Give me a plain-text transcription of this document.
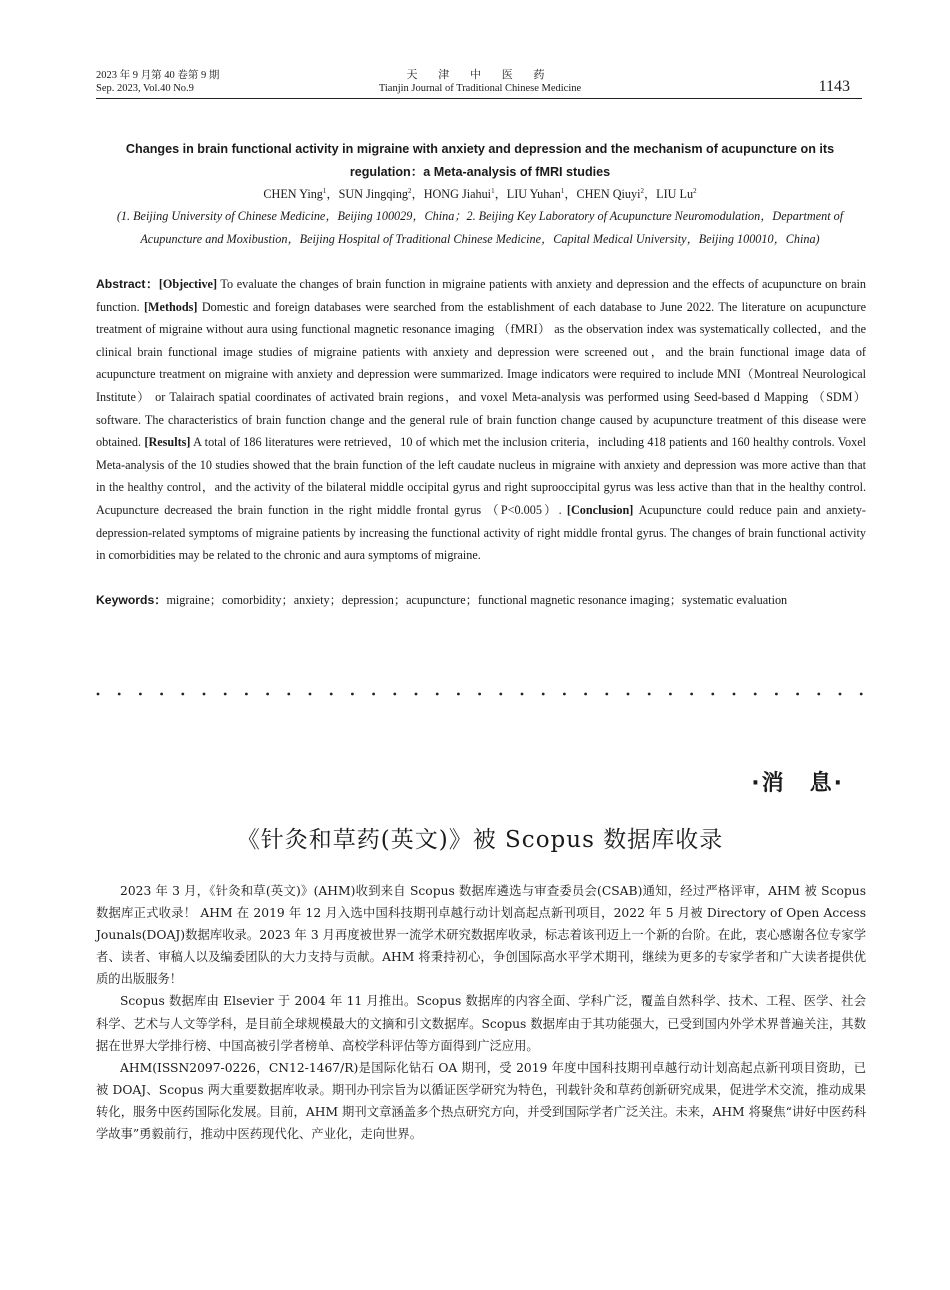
2023 年 9 月第 40 卷第 9 期
Sep. 2023, Vol.40 No.9
天 津 中 医 药
Tianjin Journal of Traditional Chinese Medicine	1143
Changes in brain functional activity in migraine with anxiety and depression and the mechanism of acupuncture on its regulation：a Meta-analysis of fMRI studies
CHEN Ying$^1$，SUN Jingqing$^2$，HONG Jiahui$^1$，LIU Yuhan$^1$，CHEN Qiuyi$^2$，LIU Lu$^2$
(1. Beijing University of Chinese Medicine，Beijing 100029，China；2. Beijing Key Laboratory of Acupuncture Neuromodulation，Department of Acupuncture and Moxibustion，Beijing Hospital of Traditional Chinese Medicine，Capital Medical University，Beijing 100010，China)
Abstract：[Objective] To evaluate the changes of brain function in migraine patients with anxiety and depression and the effects of acupuncture on brain function. [Methods] Domestic and foreign databases were searched from the establishment of each database to June 2022. The literature on acupuncture treatment of migraine without aura using functional magnetic resonance imaging （fMRI） as the observation index was systematically collected，and the clinical brain functional image studies of migraine patients with anxiety and depression were screened out，and the brain functional image data of acupuncture treatment on migraine with anxiety and depression were summarized. Image indicators were required to include MNI（Montreal Neurological Institute） or Talairach spatial coordinates of activated brain regions，and voxel Meta-analysis was performed using Seed-based d Mapping （SDM） software. The characteristics of brain function change and the general rule of brain function change caused by acupuncture treatment of this disease were obtained. [Results] A total of 186 literatures were retrieved，10 of which met the inclusion criteria，including 418 patients and 160 healthy controls. Voxel Meta-analysis of the 10 studies showed that the brain function of the left caudate nucleus in migraine with anxiety and depression was more active than that in the healthy control，and the activity of the bilateral middle occipital gyrus and right suprooccipital gyrus was less active than that in the healthy control. Acupuncture decreased the brain function in the right middle frontal gyrus （P<0.005）. [Conclusion] Acupuncture could reduce pain and anxiety-depression-related symptoms of migraine patients by increasing the functional activity of right middle frontal gyrus. The changes of brain functional activity in comorbidities may be related to the chronic and aura symptoms of migraine.
Keywords：migraine；comorbidity；anxiety；depression；acupuncture；functional magnetic resonance imaging；systematic evaluation
·消　息·
《针灸和草药(英文)》被 Scopus 数据库收录

2023 年 3 月，《针灸和草(英文)》(AHM)收到来自 Scopus 数据库遴选与审查委员会(CSAB)通知，经过严格评审，AHM 被 Scopus 数据库正式收录！ AHM 在 2019 年 12 月入选中国科技期刊卓越行动计划高起点新刊项目，2022 年 5 月被 Directory of Open Access Jounals(DOAJ)数据库收录。2023 年 3 月再度被世界一流学术研究数据库收录，标志着该刊迈上一个新的台阶。在此，衷心感谢各位专家学者、读者、审稿人以及编委团队的大力支持与贡献。AHM 将秉持初心，争创国际高水平学术期刊，继续为更多的专家学者和广大读者提供优质的出版服务！

Scopus 数据库由 Elsevier 于 2004 年 11 月推出。Scopus 数据库的内容全面、学科广泛，覆盖自然科学、技术、工程、医学、社会科学、艺术与人文等学科，是目前全球规模最大的文摘和引文数据库。Scopus 数据库由于其功能强大，已受到国内外学术界普遍关注，其数据在世界大学排行榜、中国高被引学者榜单、高校学科评估等方面得到广泛应用。

AHM(ISSN2097-0226，CN12-1467/R)是国际化钻石 OA 期刊，受 2019 年度中国科技期刊卓越行动计划高起点新刊项目资助，已被 DOAJ、Scopus 两大重要数据库收录。期刊办刊宗旨为以循证医学研究为特色，刊载针灸和草药创新研究成果，促进学术交流，推动成果转化，服务中医药国际化发展。目前，AHM 期刊文章涵盖多个热点研究方向，并受到国际学者广泛关注。未来，AHM 将聚焦“讲好中医药科学故事”勇毅前行，推动中医药现代化、产业化，走向世界。
